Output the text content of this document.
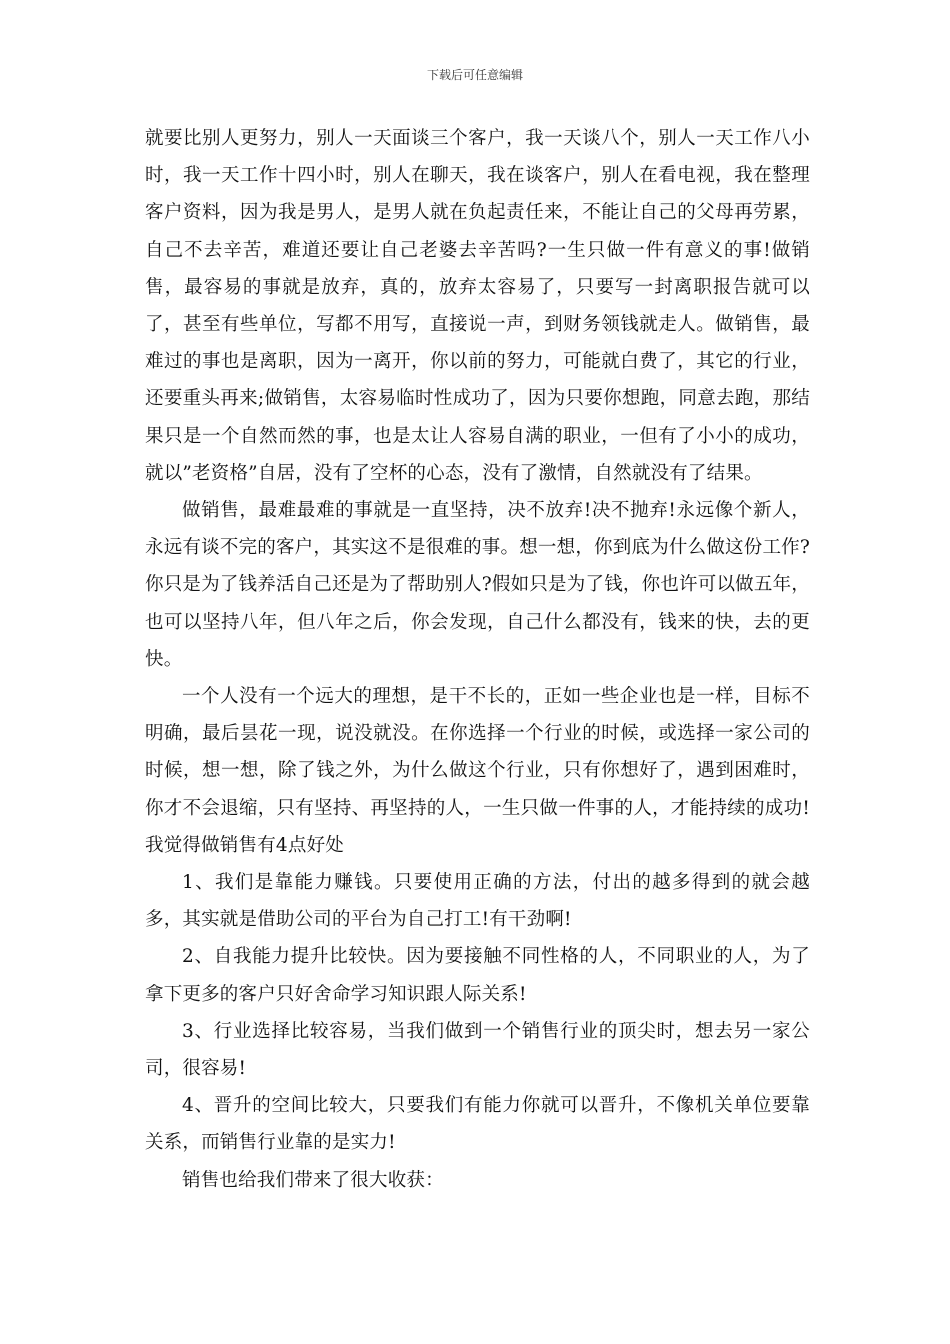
下载后可任意编辑

就要比别人更努力，别人一天面谈三个客户，我一天谈八个，别人一天工作八小时，我一天工作十四小时，别人在聊天，我在谈客户，别人在看电视，我在整理客户资料，因为我是男人，是男人就在负起责任来，不能让自己的父母再劳累，自己不去辛苦，难道还要让自己老婆去辛苦吗?一生只做一件有意义的事!做销售，最容易的事就是放弃，真的，放弃太容易了，只要写一封离职报告就可以了，甚至有些单位，写都不用写，直接说一声，到财务领钱就走人。做销售，最难过的事也是离职，因为一离开，你以前的努力，可能就白费了，其它的行业，还要重头再来;做销售，太容易临时性成功了，因为只要你想跑，同意去跑，那结果只是一个自然而然的事，也是太让人容易自满的职业，一但有了小小的成功，就以”老资格”自居，没有了空杯的心态，没有了激情，自然就没有了结果。

做销售，最难最难的事就是一直坚持，决不放弃!决不抛弃!永远像个新人，永远有谈不完的客户，其实这不是很难的事。想一想，你到底为什么做这份工作?你只是为了钱养活自己还是为了帮助别人?假如只是为了钱，你也许可以做五年，也可以坚持八年，但八年之后，你会发现，自己什么都没有，钱来的快，去的更快。

一个人没有一个远大的理想，是干不长的，正如一些企业也是一样，目标不明确，最后昙花一现，说没就没。在你选择一个行业的时候，或选择一家公司的时候，想一想，除了钱之外，为什么做这个行业，只有你想好了，遇到困难时，你才不会退缩，只有坚持、再坚持的人，一生只做一件事的人，才能持续的成功!我觉得做销售有4点好处

1、我们是靠能力赚钱。只要使用正确的方法，付出的越多得到的就会越多，其实就是借助公司的平台为自己打工!有干劲啊!

2、自我能力提升比较快。因为要接触不同性格的人，不同职业的人，为了拿下更多的客户只好舍命学习知识跟人际关系!

3、行业选择比较容易，当我们做到一个销售行业的顶尖时，想去另一家公司，很容易!

4、晋升的空间比较大，只要我们有能力你就可以晋升，不像机关单位要靠关系，而销售行业靠的是实力!

销售也给我们带来了很大收获：
